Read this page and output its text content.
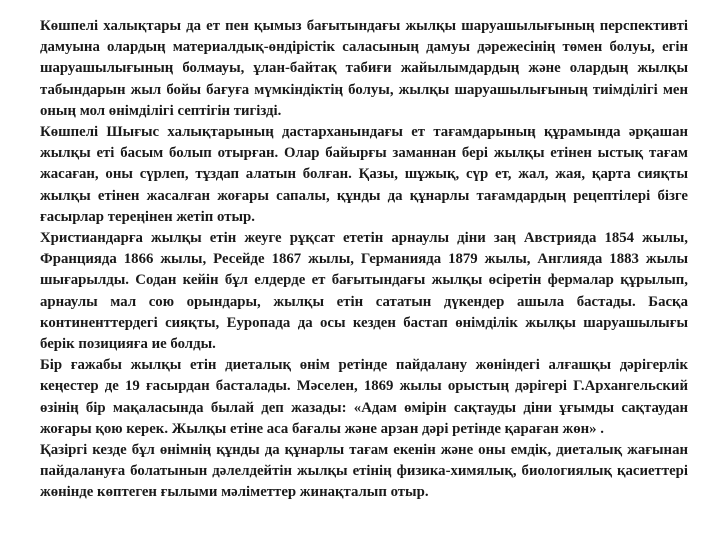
Көшпелі халықтары да ет пен қымыз бағытындағы жылқы шаруашылығының перспективті дамуына олардың материалдық-өндірістік саласының дамуы дәрежесінің төмен болуы, егін шаруашылығының болмауы, ұлан-байтақ табиғи жайылымдардың және олардың жылқы табындарын жыл бойы бағуға мүмкіндіктің болуы, жылқы шаруашылығының тиімділігі мен оның мол өнімділігі септігін тигізді.

Көшпелі Шығыс халықтарының дастарханындағы ет тағамдарының құрамында әрқашан жылқы еті басым болып отырған. Олар байырғы заманнан бері жылқы етінен ыстық тағам жасаған, оны сүрлеп, тұздап алатын болған. Қазы, шұжық, сүр ет, жал, жая, қарта сияқты жылқы етінен жасалған жоғары сапалы, құнды да құнарлы тағамдардың рецептілері бізге ғасырлар тереңінен жетіп отыр.

Христиандарға жылқы етін жеуге рұқсат ететін арнаулы діни заң Австрияда 1854 жылы, Францияда 1866 жылы, Ресейде 1867 жылы, Германияда 1879 жылы, Англияда 1883 жылы шығарылды. Содан кейін бұл елдерде ет бағытындағы жылқы өсіретін фермалар құрылып, арнаулы мал сою орындары, жылқы етін сататын дүкендер ашыла бастады. Басқа континенттердегі сияқты, Еуропада да осы кезден бастап өнімділік жылқы шаруашылығы берік позицияға ие болды.

Бір ғажабы жылқы етін диеталық өнім ретінде пайдалану жөніндегі алғашқы дәрігерлік кеңестер де 19 ғасырдан басталады. Мәселен, 1869 жылы орыстың дәрігері Г.Архангельский өзінің бір мақаласында былай деп жазады: «Адам өмірін сақтауды діни ұғымды сақтаудан жоғары қою керек. Жылқы етіне аса бағалы және арзан дәрі ретінде қараған жөн» .

Қазіргі кезде бұл өнімнің құнды да құнарлы тағам екенін және оны емдік, диеталық жағынан пайдалануға болатынын дәлелдейтін жылқы етінің физика-химялық, биологиялық қасиеттері жөнінде көптеген ғылыми мәліметтер жинақталып отыр.
